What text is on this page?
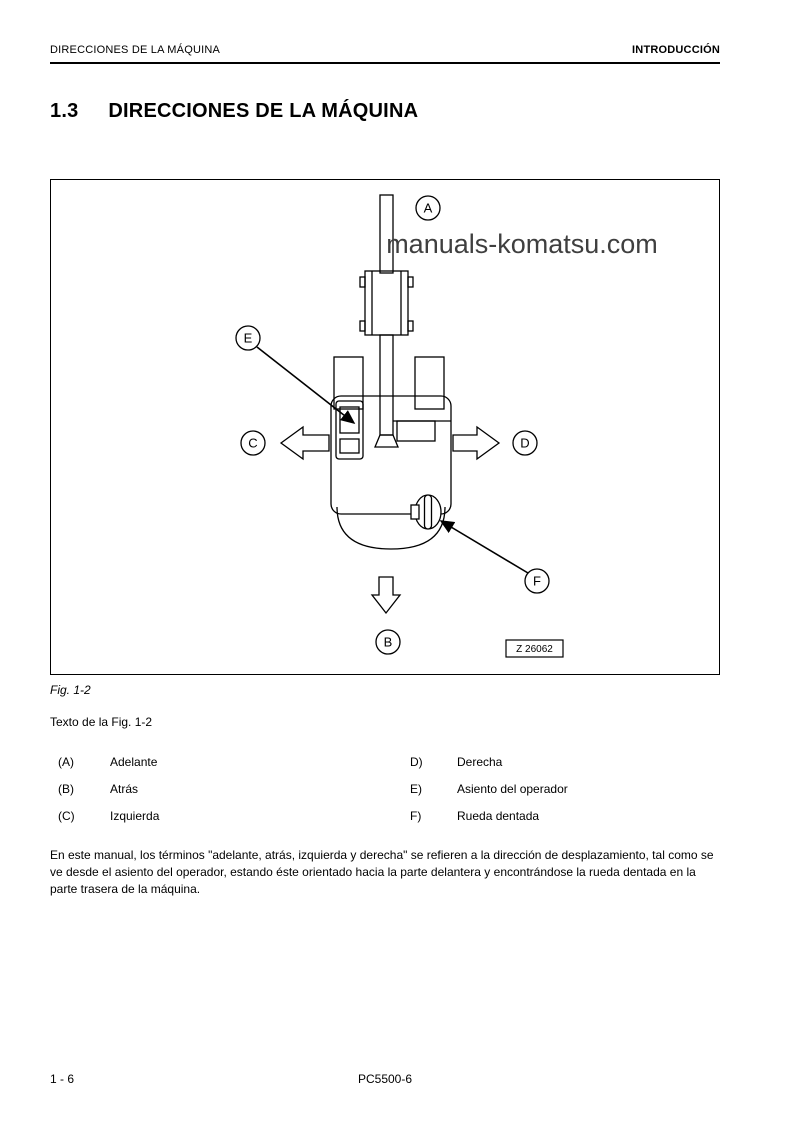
DIRECCIONES DE LA MÁQUINA	INTRODUCCIÓN
1.3 DIRECCIONES DE LA MÁQUINA
A
E
C	D
F
B
manuals-komatsu.com
Z 26062
Fig. 1-2
Texto de la Fig. 1-2
(A)	Adelante	D)	Derecha
(B)	Atrás	E)	Asiento del operador
(C)	Izquierda	F)	Rueda dentada
En este manual, los términos "adelante, atrás, izquierda y derecha" se refieren a la dirección de desplazamiento, tal como se ve desde el asiento del operador, estando éste orientado hacia la parte delantera y encontrándose la rueda dentada en la parte trasera de la máquina.
1 - 6	PC5500-6
